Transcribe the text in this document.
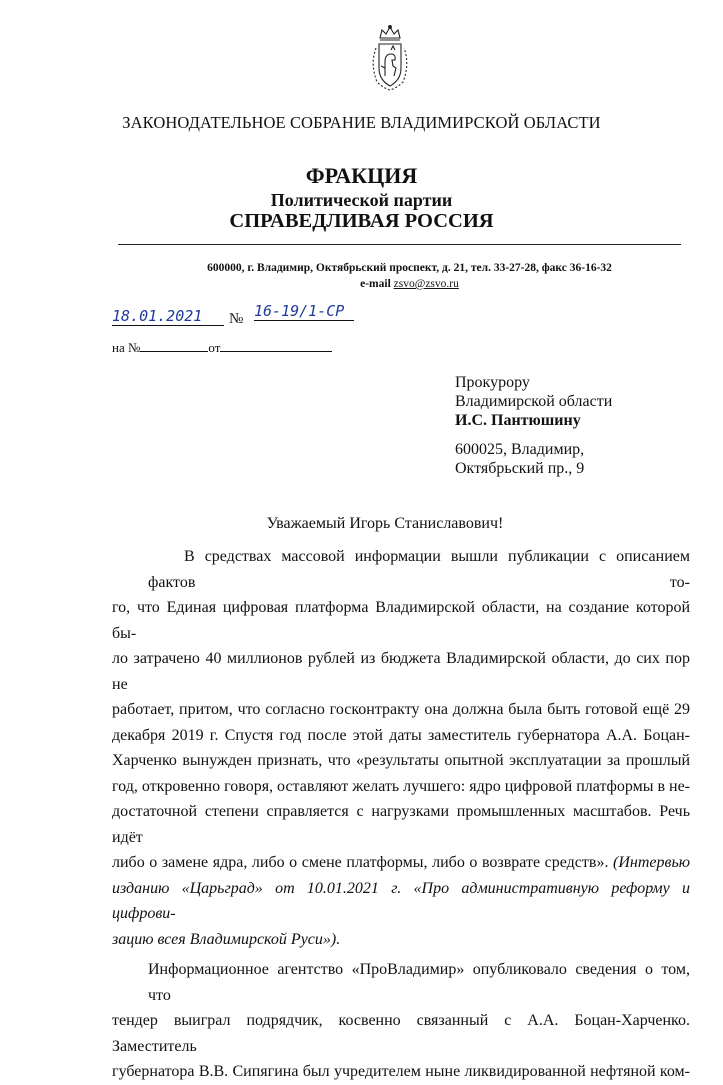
ЗАКОНОДАТЕЛЬНОЕ СОБРАНИЕ ВЛАДИМИРСКОЙ ОБЛАСТИ
ФРАКЦИЯ
Политической партии
СПРАВЕДЛИВАЯ РОССИЯ
600000, г. Владимир, Октябрьский проспект, д. 21, тел. 33-27-28, факс 36-16-32
e-mail zsvo@zsvo.ru
18.01.2021	№ 16-19/1-СР
на №	от
Прокурору
Владимирской области
И.С. Пантюшину
600025, Владимир,
Октябрьский пр., 9
Уважаемый Игорь Станиславович!
В средствах массовой информации вышли публикации с описанием фактов то-
го, что Единая цифровая платформа Владимирской области, на создание которой бы-
ло затрачено 40 миллионов рублей из бюджета Владимирской области, до сих пор не
работает, притом, что согласно госконтракту она должна была быть готовой ещё 29
декабря 2019 г. Спустя год после этой даты заместитель губернатора А.А. Боцан-
Харченко вынужден признать, что «результаты опытной эксплуатации за прошлый
год, откровенно говоря, оставляют желать лучшего: ядро цифровой платформы в не-
достаточной степени справляется с нагрузками промышленных масштабов. Речь идёт
либо о замене ядра, либо о смене платформы, либо о возврате средств». (Интервью
изданию «Царьград» от 10.01.2021 г. «Про административную реформу и цифрови-
зацию всея Владимирской Руси»).
Информационное агентство «ПроВладимир» опубликовало сведения о том, что
тендер выиграл подрядчик, косвенно связанный с А.А. Боцан-Харченко. Заместитель
губернатора В.В. Сипягина был учредителем ныне ликвидированной нефтяной ком-
